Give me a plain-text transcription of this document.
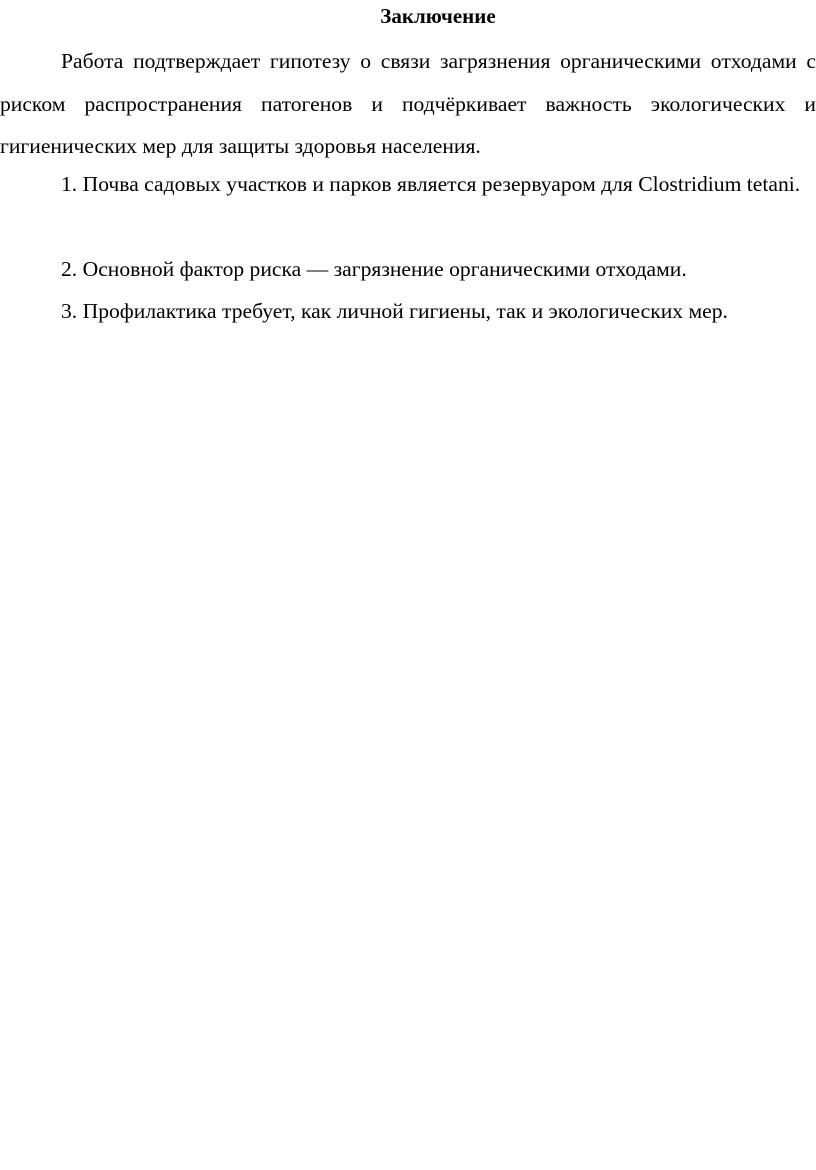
Заключение

Работа подтверждает гипотезу о связи загрязнения органическими отходами с риском распространения патогенов и подчёркивает важность экологических и гигиенических мер для защиты здоровья населения.

1. Почва садовых участков и парков является резервуаром для Clostridium tetani.

2. Основной фактор риска — загрязнение органическими отходами.

3. Профилактика требует, как личной гигиены, так и экологических мер.
